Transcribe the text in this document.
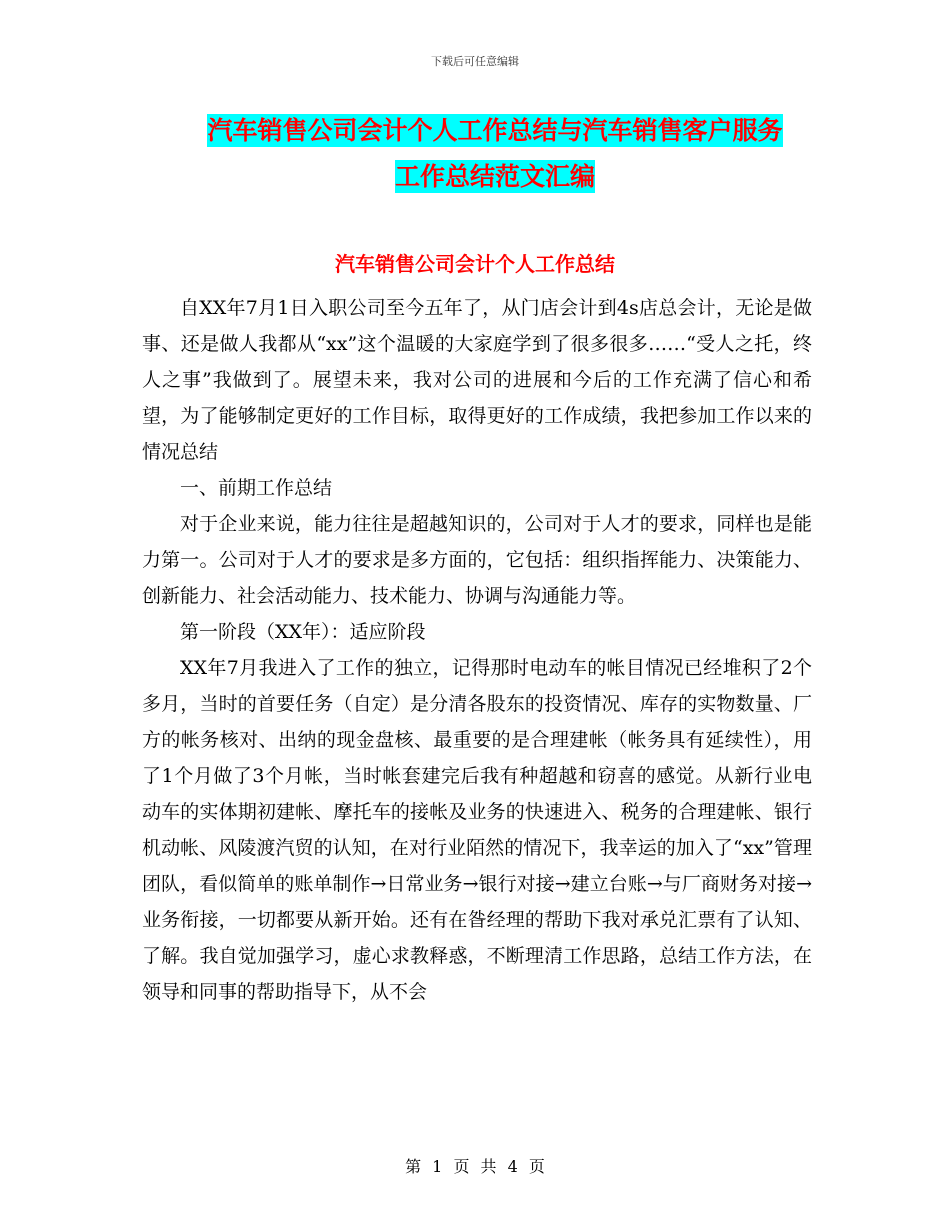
下载后可任意编辑
汽车销售公司会计个人工作总结与汽车销售客户服务
工作总结范文汇编
汽车销售公司会计个人工作总结

自XX年7月1日入职公司至今五年了，从门店会计到4s店总会计，无论是做事、还是做人我都从“xx”这个温暖的大家庭学到了很多很多……“受人之托，终人之事”我做到了。展望未来，我对公司的进展和今后的工作充满了信心和希望，为了能够制定更好的工作目标，取得更好的工作成绩，我把参加工作以来的情况总结

一、前期工作总结

对于企业来说，能力往往是超越知识的，公司对于人才的要求，同样也是能力第一。公司对于人才的要求是多方面的，它包括：组织指挥能力、决策能力、创新能力、社会活动能力、技术能力、协调与沟通能力等。

第一阶段（XX年）：适应阶段

XX年7月我进入了工作的独立，记得那时电动车的帐目情况已经堆积了2个多月，当时的首要任务（自定）是分清各股东的投资情况、库存的实物数量、厂方的帐务核对、出纳的现金盘核、最重要的是合理建帐（帐务具有延续性），用了1个月做了3个月帐，当时帐套建完后我有种超越和窃喜的感觉。从新行业电动车的实体期初建帐、摩托车的接帐及业务的快速进入、税务的合理建帐、银行机动帐、风陵渡汽贸的认知，在对行业陌然的情况下，我幸运的加入了“xx”管理团队，看似简单的账单制作→日常业务→银行对接→建立台账→与厂商财务对接→业务衔接，一切都要从新开始。还有在昝经理的帮助下我对承兑汇票有了认知、了解。我自觉加强学习，虚心求教释惑，不断理清工作思路，总结工作方法，在领导和同事的帮助指导下，从不会

第 1 页 共 4 页
